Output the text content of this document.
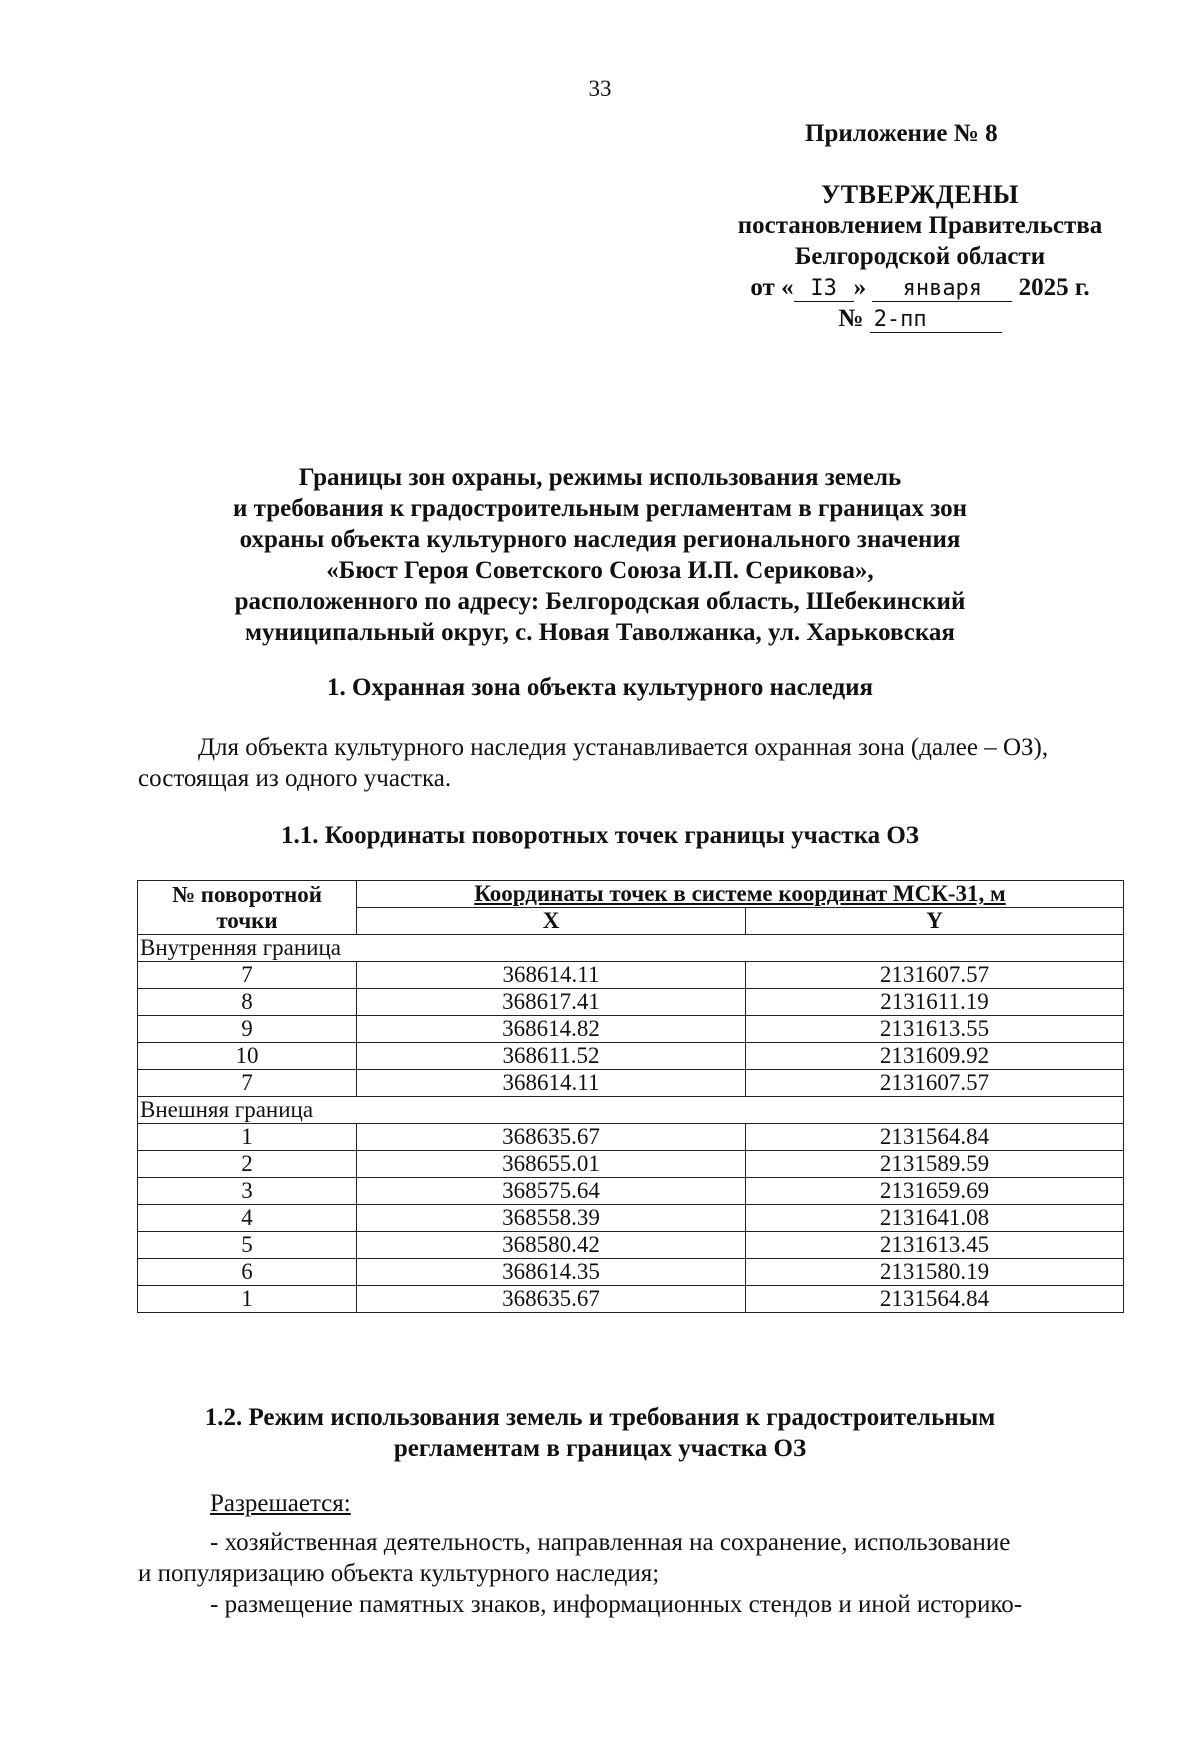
33
Приложение № 8
УТВЕРЖДЕНЫ
постановлением Правительства
Белгородской области
от « I3 » января 2025 г.
№ 2-пп
Границы зон охраны, режимы использования земель
и требования к градостроительным регламентам в границах зон
охраны объекта культурного наследия регионального значения
«Бюст Героя Советского Союза И.П. Серикова»,
расположенного по адресу: Белгородская область, Шебекинский
муниципальный округ, с. Новая Таволжанка, ул. Харьковская
1. Охранная зона объекта культурного наследия
Для объекта культурного наследия устанавливается охранная зона (далее – ОЗ),
состоящая из одного участка.
1.1. Координаты поворотных точек границы участка ОЗ
№ поворотной
точки	Координаты точек в системе координат МСК-31, м	
	X	Y
Внутренняя граница		
7	368614.11	2131607.57
8	368617.41	2131611.19
9	368614.82	2131613.55
10	368611.52	2131609.92
7	368614.11	2131607.57
Внешняя граница		
1	368635.67	2131564.84
2	368655.01	2131589.59
3	368575.64	2131659.69
4	368558.39	2131641.08
5	368580.42	2131613.45
6	368614.35	2131580.19
1	368635.67	2131564.84
1.2. Режим использования земель и требования к градостроительным
регламентам в границах участка ОЗ
Разрешается:

- хозяйственная деятельность, направленная на сохранение, использование

и популяризацию объекта культурного наследия;

- размещение памятных знаков, информационных стендов и иной историко-
